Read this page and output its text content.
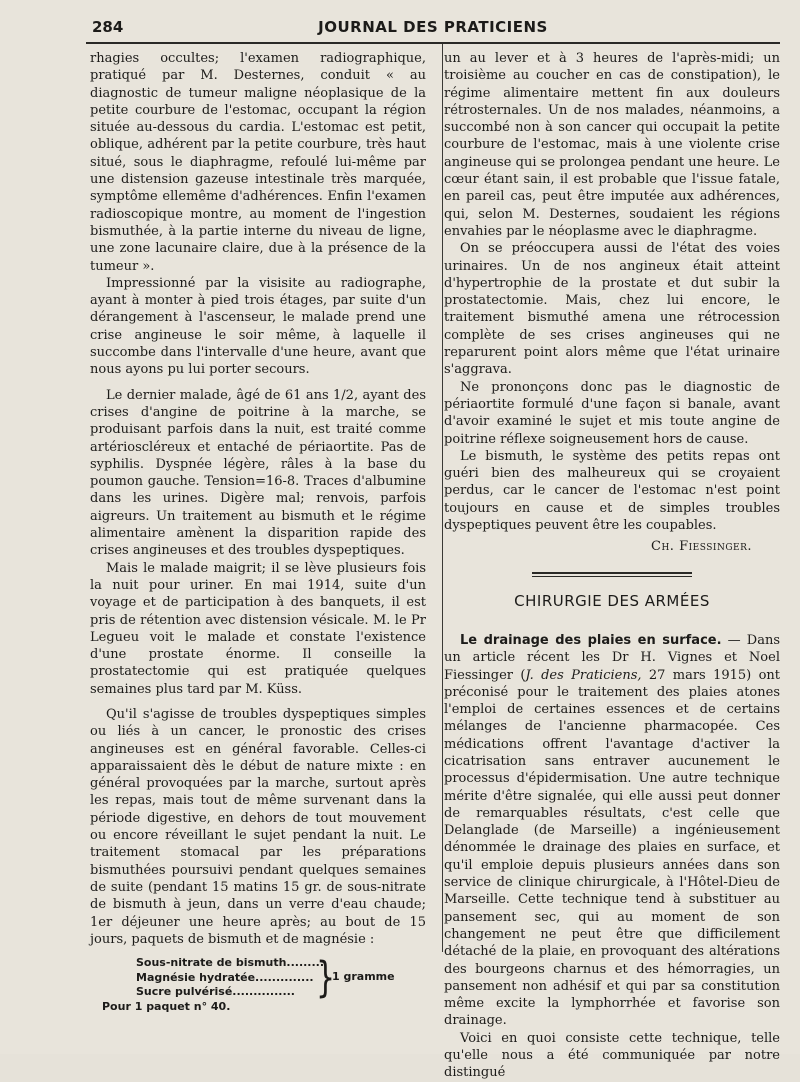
284	JOURNAL DES PRATICIENS

rhagies occultes; l'examen radiographique, pratiqué par M. Desternes, conduit « au diagnostic de tumeur maligne néoplasique de la petite courbure de l'estomac, occupant la région située au-dessous du cardia. L'estomac est petit, oblique, adhérent par la petite courbure, très haut situé, sous le diaphragme, refoulé lui-même par une distension gazeuse intestinale très marquée, symptôme ellemême d'adhérences. Enfin l'examen radioscopique montre, au moment de l'ingestion bismuthée, à la partie interne du niveau de ligne, une zone lacunaire claire, due à la présence de la tumeur ».

Impressionné par la visisite au radiographe, ayant à monter à pied trois étages, par suite d'un dérangement à l'ascenseur, le malade prend une crise angineuse le soir même, à laquelle il succombe dans l'intervalle d'une heure, avant que nous ayons pu lui porter secours.

Le dernier malade, âgé de 61 ans 1/2, ayant des crises d'angine de poitrine à la marche, se produisant parfois dans la nuit, est traité comme artérioscléreux et entaché de périaortite. Pas de syphilis. Dyspnée légère, râles à la base du poumon gauche. Tension=16-8. Traces d'albumine dans les urines. Digère mal; renvois, parfois aigreurs. Un traitement au bismuth et le régime alimentaire amènent la disparition rapide des crises angineuses et des troubles dyspeptiques.

Mais le malade maigrit; il se lève plusieurs fois la nuit pour uriner. En mai 1914, suite d'un voyage et de participation à des banquets, il est pris de rétention avec distension vésicale. M. le Pr Legueu voit le malade et constate l'existence d'une prostate énorme. Il conseille la prostatectomie qui est pratiquée quelques semaines plus tard par M. Küss.

Qu'il s'agisse de troubles dyspeptiques simples ou liés à un cancer, le pronostic des crises angineuses est en général favorable. Celles-ci apparaissaient dès le début de nature mixte : en général provoquées par la marche, surtout après les repas, mais tout de même survenant dans la période digestive, en dehors de tout mouvement ou encore réveillant le sujet pendant la nuit. Le traitement stomacal par les préparations bismuthées poursuivi pendant quelques semaines de suite (pendant 15 matins 15 gr. de sous-nitrate de bismuth à jeun, dans un verre d'eau chaude; 1er déjeuner une heure après; au bout de 15 jours, paquets de bismuth et de magnésie :

Sous-nitrate de bismuth.........
Magnésie hydratée..............
Sucre pulvérisé............... }
1 gramme
Pour 1 paquet n° 40.

un au lever et à 3 heures de l'après-midi; un troisième au coucher en cas de constipation), le régime alimentaire mettent fin aux douleurs rétrosternales. Un de nos malades, néanmoins, a succombé non à son cancer qui occupait la petite courbure de l'estomac, mais à une violente crise angineuse qui se prolongea pendant une heure. Le cœur étant sain, il est probable que l'issue fatale, en pareil cas, peut être imputée aux adhérences, qui, selon M. Desternes, soudaient les régions envahies par le néoplasme avec le diaphragme.

On se préoccupera aussi de l'état des voies urinaires. Un de nos angineux était atteint d'hypertrophie de la prostate et dut subir la prostatectomie. Mais, chez lui encore, le traitement bismuthé amena une rétrocession complète de ses crises angineuses qui ne reparurent point alors même que l'état urinaire s'aggrava.

Ne prononçons donc pas le diagnostic de périaortite formulé d'une façon si banale, avant d'avoir examiné le sujet et mis toute angine de poitrine réflexe soigneusement hors de cause.

Le bismuth, le système des petits repas ont guéri bien des malheureux qui se croyaient perdus, car le cancer de l'estomac n'est point toujours en cause et de simples troubles dyspeptiques peuvent être les coupables.

Ch. Fiessinger.
CHIRURGIE DES ARMÉES

Le drainage des plaies en surface. — Dans un article récent les Dr H. Vignes et Noel Fiessinger (J. des Praticiens, 27 mars 1915) ont préconisé pour le traitement des plaies atones l'emploi de certaines essences et de certains mélanges de l'ancienne pharmacopée. Ces médications offrent l'avantage d'activer la cicatrisation sans entraver aucunement le processus d'épidermisation. Une autre technique mérite d'être signalée, qui elle aussi peut donner de remarquables résultats, c'est celle que Delanglade (de Marseille) a ingénieusement dénommée le drainage des plaies en surface, et qu'il emploie depuis plusieurs années dans son service de clinique chirurgicale, à l'Hôtel-Dieu de Marseille. Cette technique tend à substituer au pansement sec, qui au moment de son changement ne peut être que difficilement détaché de la plaie, en provoquant des altérations des bourgeons charnus et des hémorragies, un pansement non adhésif et qui par sa constitution même excite la lymphorrhée et favorise son drainage.

Voici en quoi consiste cette technique, telle qu'elle nous a été communiquée par notre distingué
